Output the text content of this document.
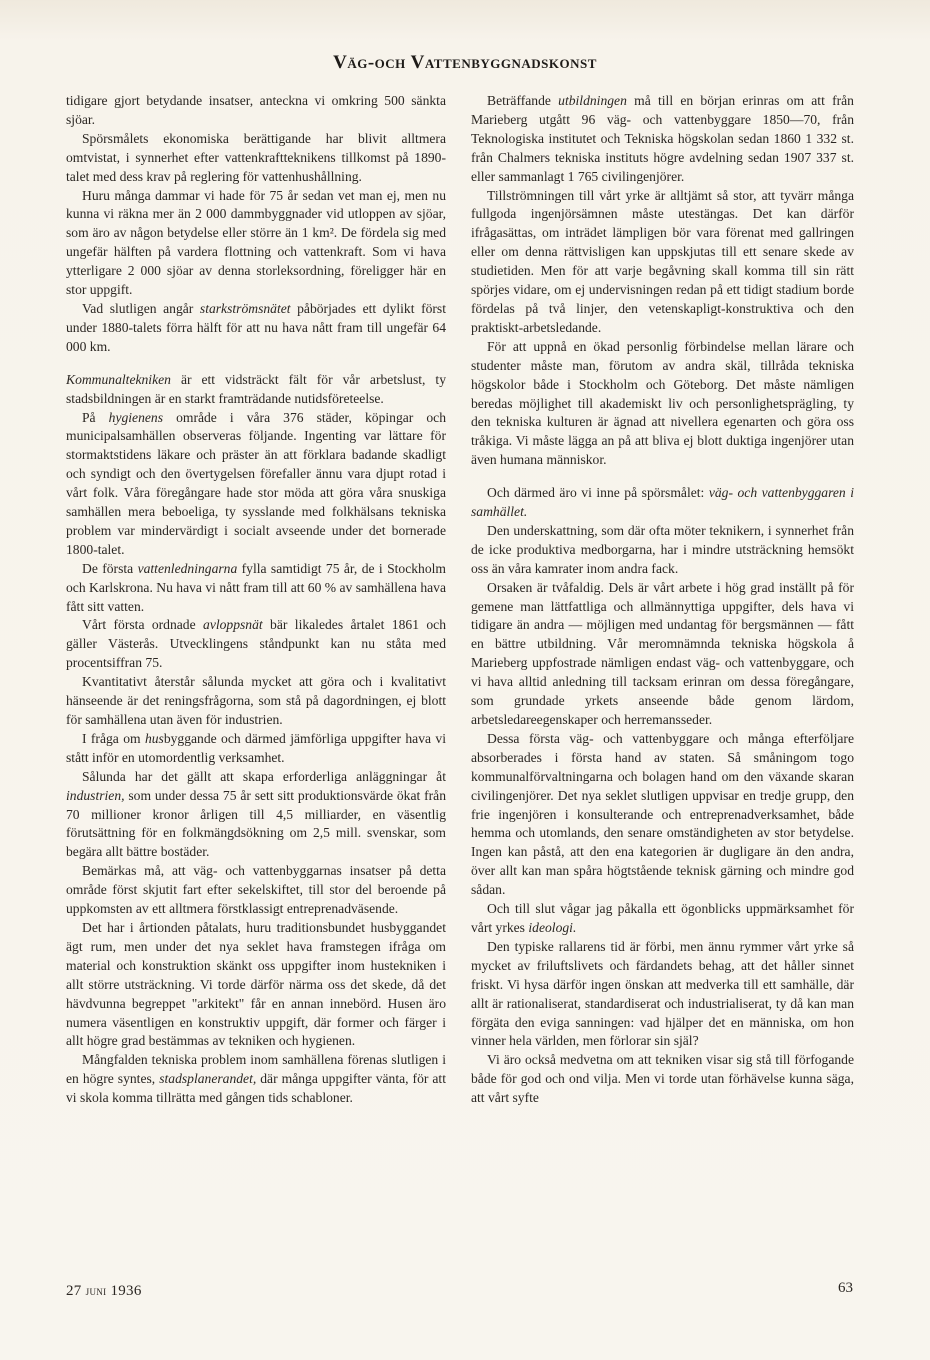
Väg-och Vattenbyggnadskonst

tidigare gjort betydande insatser, anteckna vi omkring 500 sänkta sjöar.

Spörsmålets ekonomiska berättigande har blivit alltmera omtvistat, i synnerhet efter vattenkraftteknikens tillkomst på 1890-talet med dess krav på reglering för vattenhushållning.

Huru många dammar vi hade för 75 år sedan vet man ej, men nu kunna vi räkna mer än 2 000 dammbyggnader vid utloppen av sjöar, som äro av någon betydelse eller större än 1 km². De fördela sig med ungefär hälften på vardera flottning och vattenkraft. Som vi hava ytterligare 2 000 sjöar av denna storleksordning, föreligger här en stor uppgift.

Vad slutligen angår starkströmsnätet påbörjades ett dylikt först under 1880-talets förra hälft för att nu hava nått fram till ungefär 64 000 km.

Kommunaltekniken är ett vidsträckt fält för vår arbetslust, ty stadsbildningen är en starkt framträdande nutidsföreteelse.

På hygienens område i våra 376 städer, köpingar och municipalsamhällen observeras följande. Ingenting var lättare för stormaktstidens läkare och präster än att förklara badande skadligt och syndigt och den övertygelsen förefaller ännu vara djupt rotad i vårt folk. Våra föregångare hade stor möda att göra våra snuskiga samhällen mera beboeliga, ty sysslande med folkhälsans tekniska problem var mindervärdigt i socialt avseende under det bornerade 1800-talet.

De första vattenledningarna fylla samtidigt 75 år, de i Stockholm och Karlskrona. Nu hava vi nått fram till att 60 % av samhällena hava fått sitt vatten.

Vårt första ordnade avloppsnät bär likaledes årtalet 1861 och gäller Västerås. Utvecklingens ståndpunkt kan nu ståta med procentsiffran 75.

Kvantitativt återstår sålunda mycket att göra och i kvalitativt hänseende är det reningsfrågorna, som stå på dagordningen, ej blott för samhällena utan även för industrien.

I fråga om husbyggande och därmed jämförliga uppgifter hava vi stått inför en utomordentlig verksamhet.

Sålunda har det gällt att skapa erforderliga anläggningar åt industrien, som under dessa 75 år sett sitt produktionsvärde ökat från 70 millioner kronor årligen till 4,5 milliarder, en väsentlig förutsättning för en folkmängdsökning om 2,5 mill. svenskar, som begära allt bättre bostäder.

Bemärkas må, att väg- och vattenbyggarnas insatser på detta område först skjutit fart efter sekelskiftet, till stor del beroende på uppkomsten av ett alltmera förstklassigt entreprenadväsende.

Det har i årtionden påtalats, huru traditionsbundet husbyggandet ägt rum, men under det nya seklet hava framstegen ifråga om material och konstruktion skänkt oss uppgifter inom hustekniken i allt större utsträckning. Vi torde därför närma oss det skede, då det hävdvunna begreppet "arkitekt" får en annan innebörd. Husen äro numera väsentligen en konstruktiv uppgift, där former och färger i allt högre grad bestämmas av tekniken och hygienen.

Mångfalden tekniska problem inom samhällena förenas slutligen i en högre syntes, stadsplanerandet, där många uppgifter vänta, för att vi skola komma tillrätta med gången tids schabloner.

Beträffande utbildningen må till en början erinras om att från Marieberg utgått 96 väg- och vattenbyggare 1850—70, från Teknologiska institutet och Tekniska högskolan sedan 1860 1 332 st. från Chalmers tekniska instituts högre avdelning sedan 1907 337 st. eller sammanlagt 1 765 civilingenjörer.

Tillströmningen till vårt yrke är alltjämt så stor, att tyvärr många fullgoda ingenjörsämnen måste utestängas. Det kan därför ifrågasättas, om inträdet lämpligen bör vara förenat med gallringen eller om denna rättvisligen kan uppskjutas till ett senare skede av studietiden. Men för att varje begåvning skall komma till sin rätt spörjes vidare, om ej undervisningen redan på ett tidigt stadium borde fördelas på två linjer, den vetenskapligt-konstruktiva och den praktiskt-arbetsledande.

För att uppnå en ökad personlig förbindelse mellan lärare och studenter måste man, förutom av andra skäl, tillråda tekniska högskolor både i Stockholm och Göteborg. Det måste nämligen beredas möjlighet till akademiskt liv och personlighetsprägling, ty den tekniska kulturen är ägnad att nivellera egenarten och göra oss tråkiga. Vi måste lägga an på att bliva ej blott duktiga ingenjörer utan även humana människor.

Och därmed äro vi inne på spörsmålet: väg- och vattenbyggaren i samhället.

Den underskattning, som där ofta möter teknikern, i synnerhet från de icke produktiva medborgarna, har i mindre utsträckning hemsökt oss än våra kamrater inom andra fack.

Orsaken är tvåfaldig. Dels är vårt arbete i hög grad inställt på för gemene man lättfattliga och allmännyttiga uppgifter, dels hava vi tidigare än andra — möjligen med undantag för bergsmännen — fått en bättre utbildning. Vår meromnämnda tekniska högskola å Marieberg uppfostrade nämligen endast väg- och vattenbyggare, och vi hava alltid anledning till tacksam erinran om dessa föregångare, som grundade yrkets anseende både genom lärdom, arbetsledareegenskaper och herremansseder.

Dessa första väg- och vattenbyggare och många efterföljare absorberades i första hand av staten. Så småningom togo kommunalförvaltningarna och bolagen hand om den växande skaran civilingenjörer. Det nya seklet slutligen uppvisar en tredje grupp, den frie ingenjören i konsulterande och entreprenadverksamhet, både hemma och utomlands, den senare omständigheten av stor betydelse. Ingen kan påstå, att den ena kategorien är dugligare än den andra, över allt kan man spåra högtstående teknisk gärning och mindre god sådan.

Och till slut vågar jag påkalla ett ögonblicks uppmärksamhet för vårt yrkes ideologi.

Den typiske rallarens tid är förbi, men ännu rymmer vårt yrke så mycket av friluftslivets och färdandets behag, att det håller sinnet friskt. Vi hysa därför ingen önskan att medverka till ett samhälle, där allt är rationaliserat, standardiserat och industrialiserat, ty då kan man förgäta den eviga sanningen: vad hjälper det en människa, om hon vinner hela världen, men förlorar sin själ?

Vi äro också medvetna om att tekniken visar sig stå till förfogande både för god och ond vilja. Men vi torde utan förhävelse kunna säga, att vårt syfte

27 juni 1936	63
